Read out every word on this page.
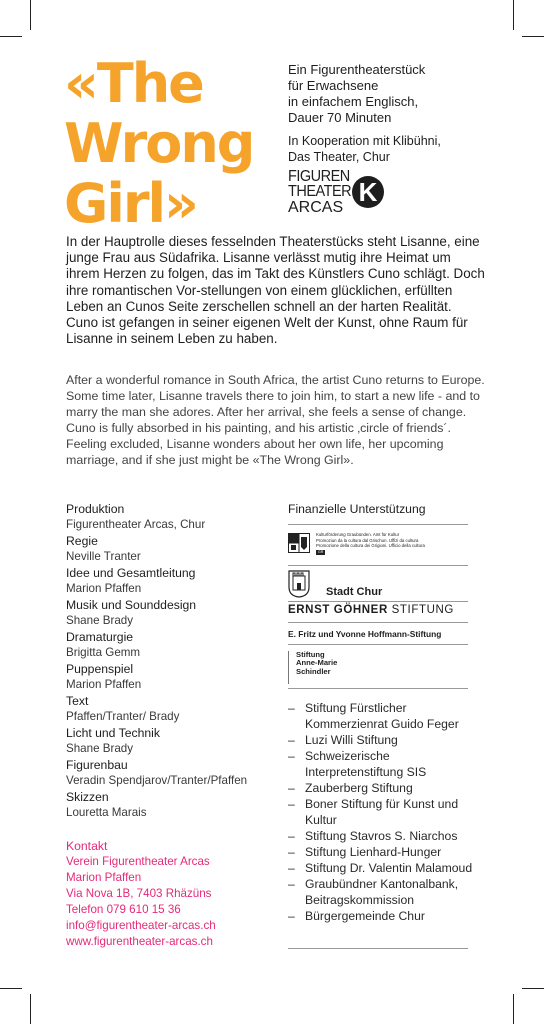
«The
Wrong
Girl»
Ein Figurentheaterstück
für Erwachsene
in einfachem Englisch,
Dauer 70 Minuten
In Kooperation mit Klibühni,
Das Theater, Chur
FIGUREN
THEATER
ARCAS
K
In der Hauptrolle dieses fesselnden Theaterstücks steht Lisanne, eine junge Frau aus Südafrika. Lisanne verlässt mutig ihre Heimat um ihrem Herzen zu folgen, das im Takt des Künstlers Cuno schlägt. Doch ihre romantischen Vor-stellungen von einem glücklichen, erfüllten Leben an Cunos Seite zerschellen schnell an der harten Realität. Cuno ist gefangen in seiner eigenen Welt der Kunst, ohne Raum für Lisanne in seinem Leben zu haben.
After a wonderful romance in South Africa, the artist Cuno returns to Europe. Some time later, Lisanne travels there to join him, to start a new life - and to marry the man she adores. After her arrival, she feels a sense of change. Cuno is fully absorbed in his painting, and his artistic ‚circle of friends´. Feeling excluded, Lisanne wonders about her own life, her upcoming marriage, and if she just might be «The Wrong Girl».
Produktion
Figurentheater Arcas, Chur
Regie
Neville Tranter
Idee und Gesamtleitung
Marion Pfaffen
Musik und Sounddesign
Shane Brady
Dramaturgie
Brigitta Gemm
Puppenspiel
Marion Pfaffen
Text
Pfaffen/Tranter/ Brady
Licht und Technik
Shane Brady
Figurenbau
Veradin Spendjarov/Tranter/Pfaffen
Skizzen
Louretta Marais
Kontakt
Verein Figurentheater Arcas
Marion Pfaffen
Via Nova 1B, 7403 Rhäzüns
Telefon 079 610 15 36
info@figurentheater-arcas.ch
www.figurentheater-arcas.ch
Finanzielle Unterstützung
Kulturförderung Graubünden. Amt für Kultur
Promoziun da la cultura dal Grischun. Uffizi da cultura
Promozione della cultura dei Grigioni. Ufficio della cultura
GR
Stadt Chur
ERNST GÖHNER STIFTUNG
E. Fritz und Yvonne Hoffmann-Stiftung
Stiftung
Anne-Marie
Schindler
– Stiftung Fürstlicher Kommerzienrat Guido Feger
– Luzi Willi Stiftung
– Schweizerische Interpretenstiftung SIS
– Zauberberg Stiftung
– Boner Stiftung für Kunst und Kultur
– Stiftung Stavros S. Niarchos
– Stiftung Lienhard-Hunger
– Stiftung Dr. Valentin Malamoud
– Graubündner Kantonalbank, Beitragskommission
– Bürgergemeinde Chur
